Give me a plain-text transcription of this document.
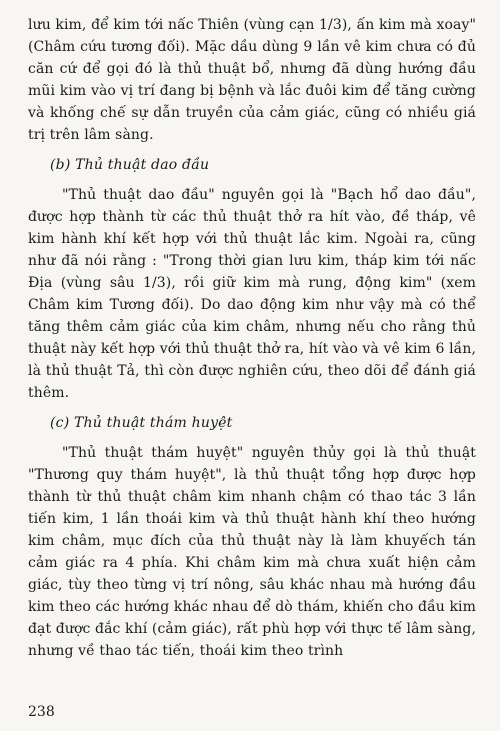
lưu kim, để kim tới nấc Thiên (vùng cạn 1/3), ấn kim mà xoay" (Châm cứu tương đối). Mặc dầu dùng 9 lần vê kim chưa có đủ căn cứ để gọi đó là thủ thuật bổ, nhưng đã dùng hướng đầu mũi kim vào vị trí đang bị bệnh và lắc đuôi kim để tăng cường và khống chế sự dẫn truyền của cảm giác, cũng có nhiều giá trị trên lâm sàng.

(b) Thủ thuật dao đầu

"Thủ thuật dao đầu" nguyên gọi là "Bạch hổ dao đầu", được hợp thành từ các thủ thuật thở ra hít vào, đề tháp, vê kim hành khí kết hợp với thủ thuật lắc kim. Ngoài ra, cũng như đã nói rằng : "Trong thời gian lưu kim, tháp kim tới nấc Địa (vùng sâu 1/3), rồi giữ kim mà rung, động kim" (xem Châm kim Tương đối). Do dao động kim như vậy mà có thể tăng thêm cảm giác của kim châm, nhưng nếu cho rằng thủ thuật này kết hợp với thủ thuật thở ra, hít vào và vê kim 6 lần, là thủ thuật Tả, thì còn được nghiên cứu, theo dõi để đánh giá thêm.

(c) Thủ thuật thám huyệt

"Thủ thuật thám huyệt" nguyên thủy gọi là thủ thuật "Thương quy thám huyệt", là thủ thuật tổng hợp được hợp thành từ thủ thuật châm kim nhanh chậm có thao tác 3 lần tiến kim, 1 lần thoái kim và thủ thuật hành khí theo hướng kim châm, mục đích của thủ thuật này là làm khuyếch tán cảm giác ra 4 phía. Khi châm kim mà chưa xuất hiện cảm giác, tùy theo từng vị trí nông, sâu khác nhau mà hướng đầu kim theo các hướng khác nhau để dò thám, khiến cho đầu kim đạt được đắc khí (cảm giác), rất phù hợp với thực tế lâm sàng, nhưng về thao tác tiến, thoái kim theo trình

238
